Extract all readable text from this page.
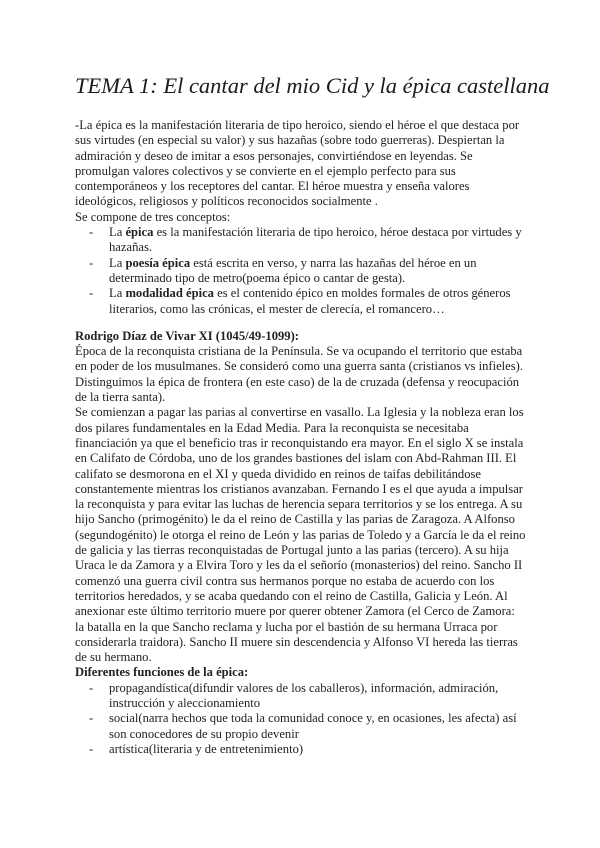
TEMA 1: El cantar del mio Cid y la épica castellana

-La épica es la manifestación literaria de tipo heroico, siendo el héroe el que destaca por sus virtudes (en especial su valor) y sus hazañas (sobre todo guerreras). Despiertan la admiración y deseo de imitar a esos personajes, convirtiéndose en leyendas. Se promulgan valores colectivos y se convierte en el ejemplo perfecto para sus contemporáneos y los receptores del cantar. El héroe muestra y enseña valores ideológicos, religiosos y políticos reconocidos socialmente .

Se compone de tres conceptos:

- La épica es la manifestación literaria de tipo heroico, héroe destaca por virtudes y hazañas.
- La poesía épica está escrita en verso, y narra las hazañas del héroe en un determinado tipo de metro(poema épico o cantar de gesta).
- La modalidad épica es el contenido épico en moldes formales de otros géneros literarios, como las crónicas, el mester de clerecía, el romancero…

Rodrigo Díaz de Vivar XI (1045/49-1099):

Época de la reconquista cristiana de la Península. Se va ocupando el territorio que estaba en poder de los musulmanes. Se consideró como una guerra santa (cristianos vs infieles). Distinguimos la épica de frontera (en este caso) de la de cruzada (defensa y reocupación de la tierra santa).

Se comienzan a pagar las parias al convertirse en vasallo. La Iglesia y la nobleza eran los dos pilares fundamentales en la Edad Media. Para la reconquista se necesitaba financiación ya que el beneficio tras ir reconquistando era mayor. En el siglo X se instala en Califato de Córdoba, uno de los grandes bastiones del islam con Abd-Rahman III. El califato se desmorona en el XI y queda dividido en reinos de taifas debilitándose constantemente mientras los cristianos avanzaban. Fernando I es el que ayuda a impulsar la reconquista y para evitar las luchas de herencia separa territorios y se los entrega. A su hijo Sancho (primogénito) le da el reino de Castilla y las parias de Zaragoza. A Alfonso (segundogénito) le otorga el reino de León y las parias de Toledo y a García le da el reino de galicia y las tierras reconquistadas de Portugal junto a las parias (tercero). A su hija Uraca le da Zamora y a Elvira Toro y les da el señorío (monasterios) del reino. Sancho II comenzó una guerra civil contra sus hermanos porque no estaba de acuerdo con los territorios heredados, y se acaba quedando con el reino de Castilla, Galicia y León. Al anexionar este último territorio muere por querer obtener Zamora (el Cerco de Zamora: la batalla en la que Sancho reclama y lucha por el bastión de su hermana Urraca por considerarla traidora). Sancho II muere sin descendencia y Alfonso VI hereda las tierras de su hermano.

Diferentes funciones de la épica:

- propagandística(difundir valores de los caballeros), información, admiración, instrucción y aleccionamiento
- social(narra hechos que toda la comunidad conoce y, en ocasiones, les afecta) así son conocedores de su propio devenir
- artística(literaria y de entretenimiento)
